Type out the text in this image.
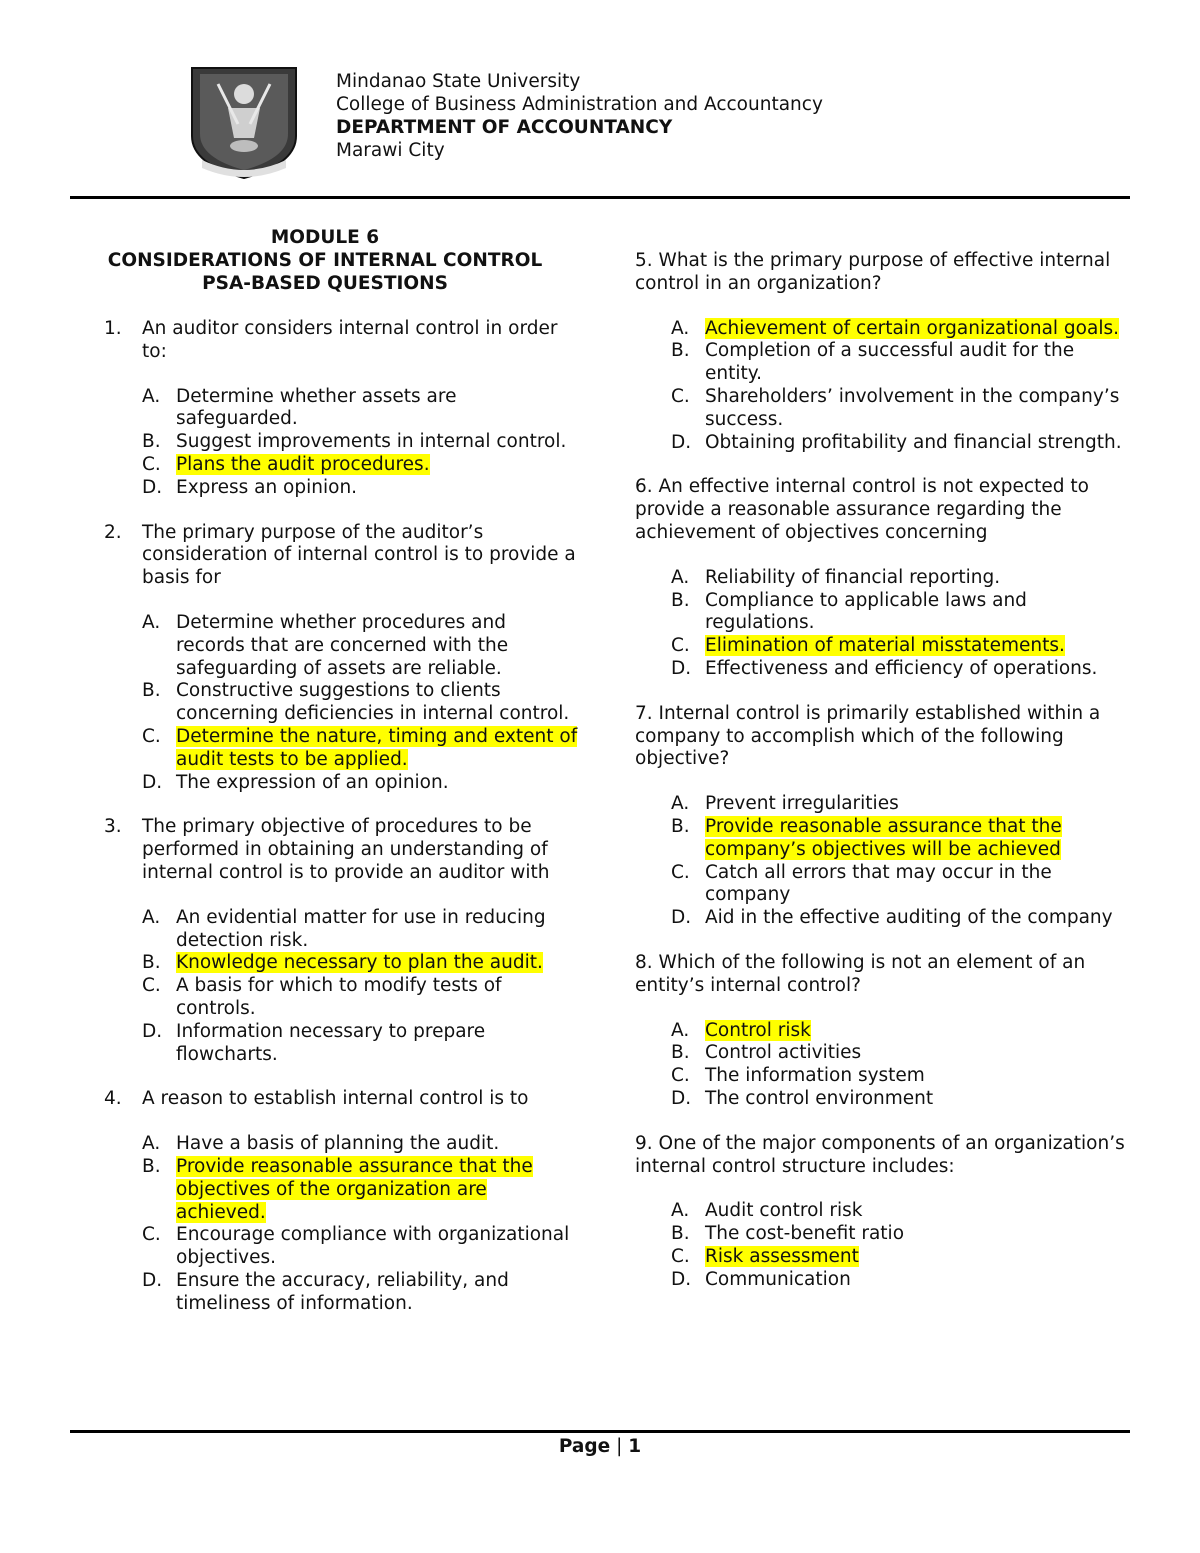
Mindanao State University
College of Business Administration and Accountancy
DEPARTMENT OF ACCOUNTANCY
Marawi City
MODULE 6
CONSIDERATIONS OF INTERNAL CONTROL
PSA-BASED QUESTIONS
1. An auditor considers internal control in order to:
A. Determine whether assets are safeguarded.
B. Suggest improvements in internal control.
C. Plans the audit procedures.
D. Express an opinion.
2. The primary purpose of the auditor’s consideration of internal control is to provide a basis for
A. Determine whether procedures and records that are concerned with the safeguarding of assets are reliable.
B. Constructive suggestions to clients concerning deficiencies in internal control.
C. Determine the nature, timing and extent of audit tests to be applied.
D. The expression of an opinion.
3. The primary objective of procedures to be performed in obtaining an understanding of internal control is to provide an auditor with
A. An evidential matter for use in reducing detection risk.
B. Knowledge necessary to plan the audit.
C. A basis for which to modify tests of controls.
D. Information necessary to prepare flowcharts.
4. A reason to establish internal control is to
A. Have a basis of planning the audit.
B. Provide reasonable assurance that the objectives of the organization are achieved.
C. Encourage compliance with organizational objectives.
D. Ensure the accuracy, reliability, and timeliness of information.
5. What is the primary purpose of effective internal control in an organization?
A. Achievement of certain organizational goals.
B. Completion of a successful audit for the entity.
C. Shareholders’ involvement in the company’s success.
D. Obtaining profitability and financial strength.
6. An effective internal control is not expected to provide a reasonable assurance regarding the achievement of objectives concerning
A. Reliability of financial reporting.
B. Compliance to applicable laws and regulations.
C. Elimination of material misstatements.
D. Effectiveness and efficiency of operations.
7. Internal control is primarily established within a company to accomplish which of the following objective?
A. Prevent irregularities
B. Provide reasonable assurance that the company’s objectives will be achieved
C. Catch all errors that may occur in the company
D. Aid in the effective auditing of the company
8. Which of the following is not an element of an entity’s internal control?
A. Control risk
B. Control activities
C. The information system
D. The control environment
9. One of the major components of an organization’s internal control structure includes:
A. Audit control risk
B. The cost-benefit ratio
C. Risk assessment
D. Communication
Page | 1
